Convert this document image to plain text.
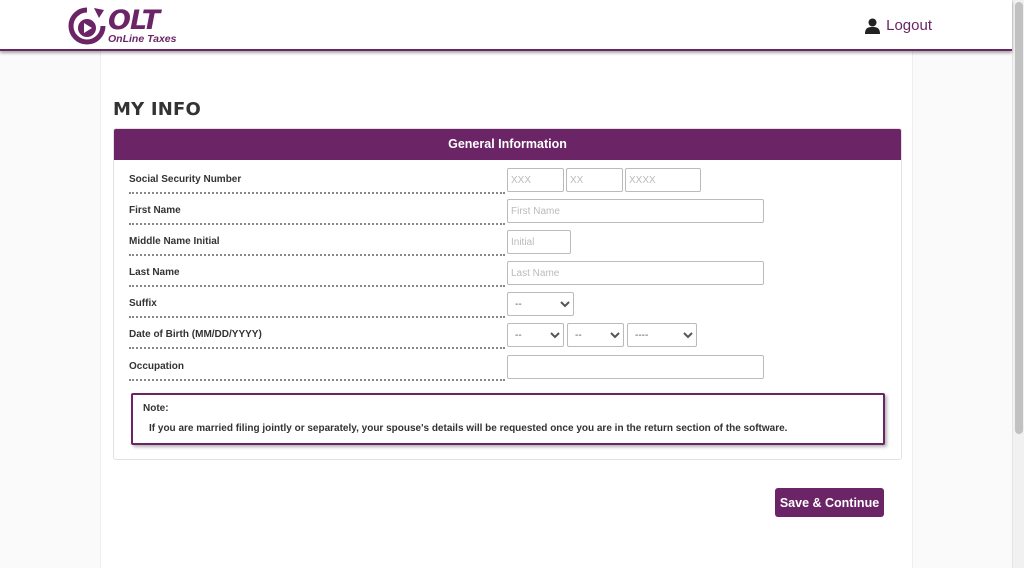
OLT
OnLine Taxes
Logout
MY INFO
General Information
Social Security Number
XXX
XX
XXXX
First Name
First Name
Middle Name Initial
Initial
Last Name
Last Name
Suffix
--
Date of Birth (MM/DD/YYYY)
--
--
----
Occupation
Note:
If you are married filing jointly or separately, your spouse's details will be requested once you are in the return section of the software.
Save & Continue
